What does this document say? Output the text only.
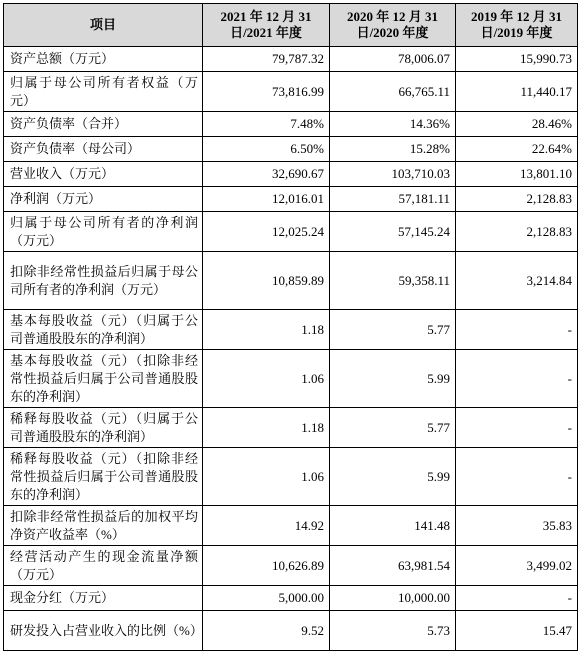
项目	2021 年 12 月 31 日/2021 年度	2020 年 12 月 31 日/2020 年度	2019 年 12 月 31 日/2019 年度
资产总额（万元）	79,787.32	78,006.07	15,990.73
归属于母公司所有者权益（万元）	73,816.99	66,765.11	11,440.17
资产负债率（合并）	7.48%	14.36%	28.46%
资产负债率（母公司）	6.50%	15.28%	22.64%
营业收入（万元）	32,690.67	103,710.03	13,801.10
净利润（万元）	12,016.01	57,181.11	2,128.83
归属于母公司所有者的净利润（万元）	12,025.24	57,145.24	2,128.83
扣除非经常性损益后归属于母公司所有者的净利润（万元）	10,859.89	59,358.11	3,214.84
基本每股收益（元）（归属于公司普通股股东的净利润）	1.18	5.77	-
基本每股收益（元）（扣除非经常性损益后归属于公司普通股股东的净利润）	1.06	5.99	-
稀释每股收益（元）（归属于公司普通股股东的净利润）	1.18	5.77	-
稀释每股收益（元）（扣除非经常性损益后归属于公司普通股股东的净利润）	1.06	5.99	-
扣除非经常性损益后的加权平均净资产收益率（%）	14.92	141.48	35.83
经营活动产生的现金流量净额（万元）	10,626.89	63,981.54	3,499.02
现金分红（万元）	5,000.00	10,000.00	-
研发投入占营业收入的比例（%）	9.52	5.73	15.47
